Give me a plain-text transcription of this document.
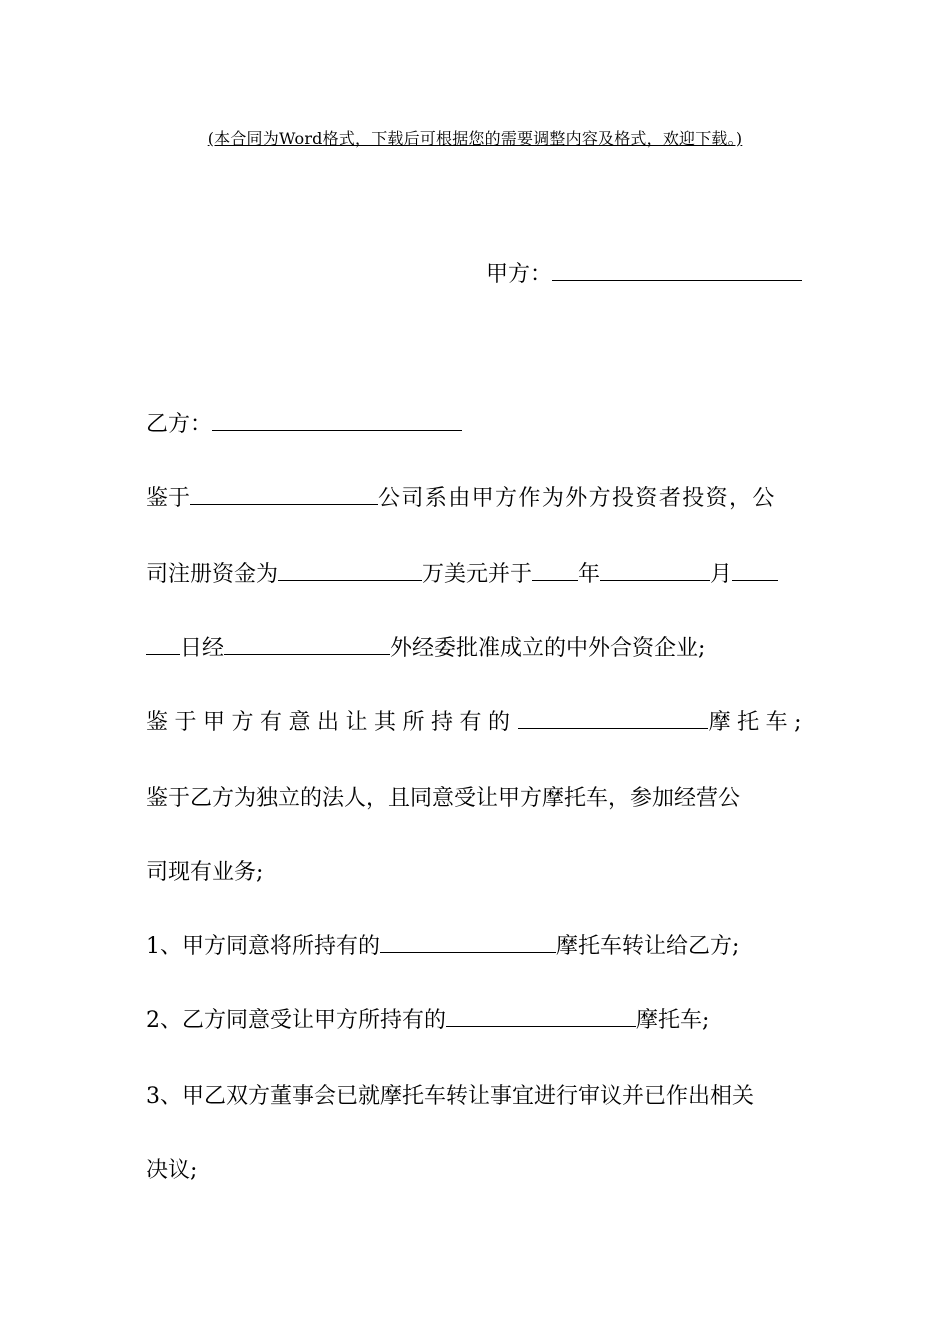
(本合同为Word格式，下载后可根据您的需要调整内容及格式，欢迎下载。)
甲方：
乙方：
鉴于	公司系由甲方作为外方投资者投资，公
司注册资金为	万美元并于 年	月
日经	外经委批准成立的中外合资企业;
鉴于甲方有意出让其所持有的	摩托车;
鉴于乙方为独立的法人，且同意受让甲方摩托车，参加经营公
司现有业务;
1、甲方同意将所持有的	摩托车转让给乙方;
2、乙方同意受让甲方所持有的	摩托车;
3、甲乙双方董事会已就摩托车转让事宜进行审议并已作出相关
决议;
